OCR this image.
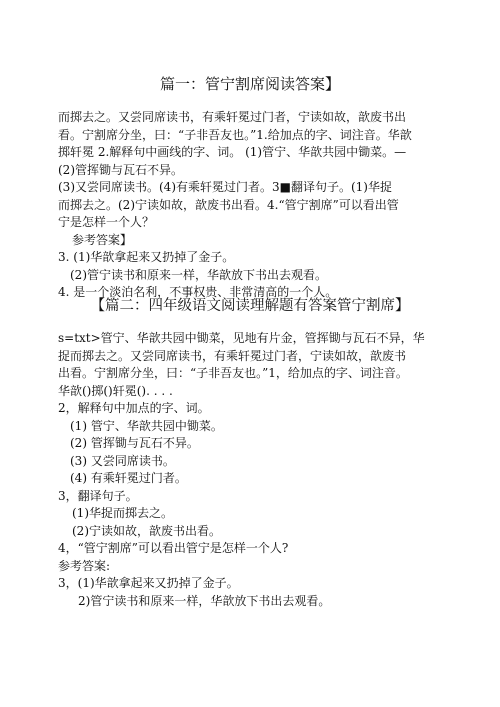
篇一：管宁割席阅读答案】

而掷去之。又尝同席读书，有乘轩冕过门者，宁读如故，歆废书出

看。宁割席分坐，曰：“子非吾友也。”1.给加点的字、词注音。华歆

掷轩冕 2.解释句中画线的字、词。 (1)管宁、华歆共园中锄菜。—

(2)管挥锄与瓦石不异。

(3)又尝同席读书。(4)有乘轩冕过门者。3■翻译句子。(1)华捉

而掷去之。(2)宁读如故，歆废书出看。4.“管宁割席”可以看出管

宁是怎样一个人？

参考答案】

3. (1)华歆拿起来又扔掉了金子。

(2)管宁读书和原来一样，华歆放下书出去观看。

4. 是一个淡泊名利，不事权贵、非常清高的一个人。

【篇二：四年级语文阅读理解题有答案管宁割席】

s=txt>管宁、华歆共园中锄菜，见地有片金，管挥锄与瓦石不异，华

捉而掷去之。又尝同席读书，有乘轩冕过门者，宁读如故，歆废书

出看。宁割席分坐，曰：“子非吾友也。”1，给加点的字、词注音。

华歆()掷()轩冕(). . . .

2，解释句中加点的字、词。

(1) 管宁、华歆共园中锄菜。

(2) 管挥锄与瓦石不异。

(3) 又尝同席读书。

(4) 有乘轩冕过门者。

3，翻译句子。

(1)华捉而掷去之。

(2)宁读如故，歆废书出看。

4，“管宁割席”可以看出管宁是怎样一个人?

参考答案:

3，(1)华歆拿起来又扔掉了金子。

2)管宁读书和原来一样，华歆放下书出去观看。
